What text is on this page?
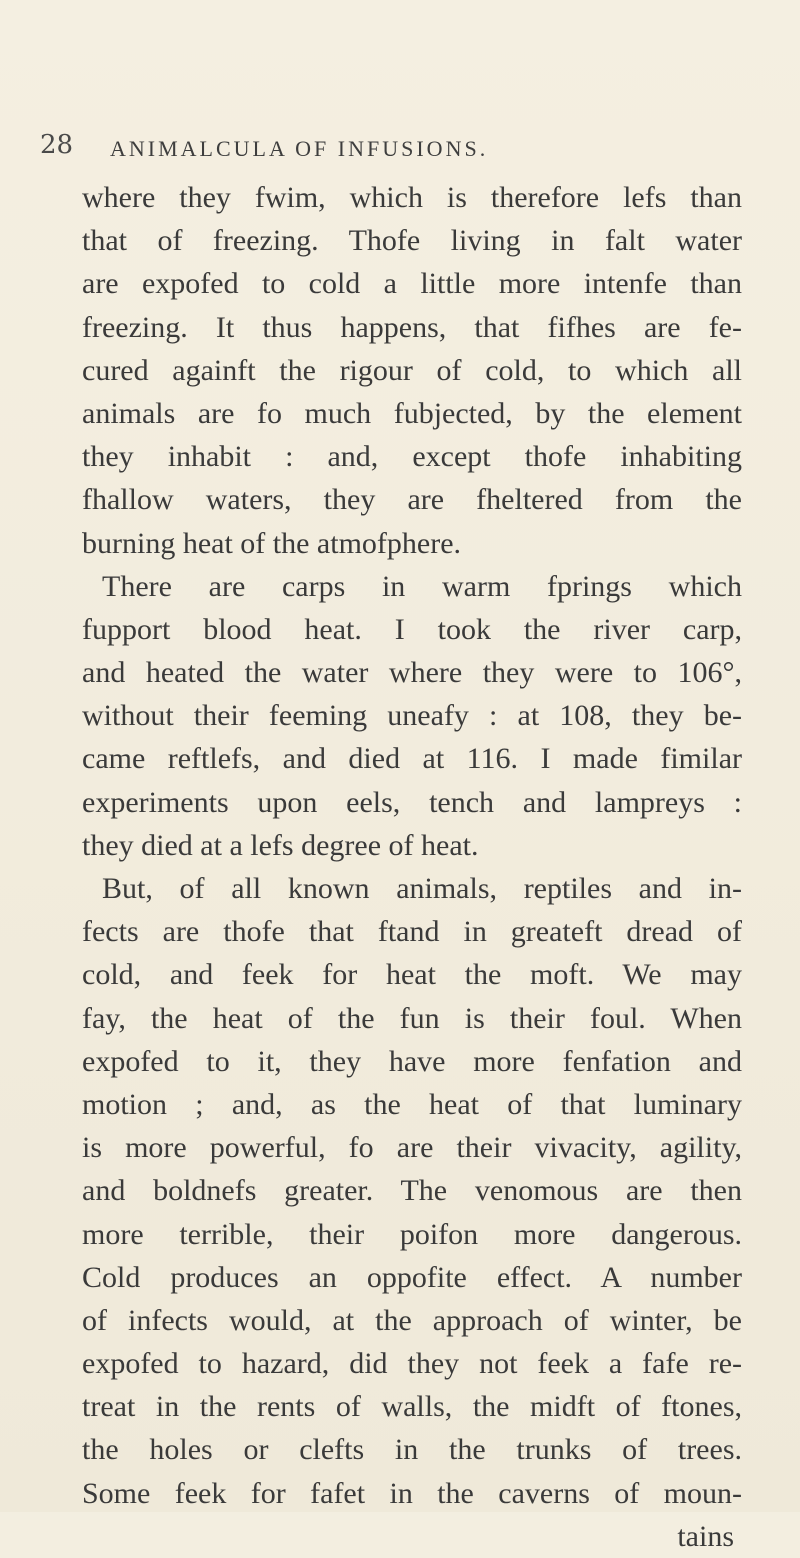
28 ANIMALCULA OF INFUSIONS.
where they fwim, which is therefore lefs than
that of freezing. Thofe living in falt water
are expofed to cold a little more intenfe than
freezing. It thus happens, that fifhes are fe-
cured againft the rigour of cold, to which all
animals are fo much fubjected, by the element
they inhabit : and, except thofe inhabiting
fhallow waters, they are fheltered from the
burning heat of the atmofphere.
There are carps in warm fprings which
fupport blood heat. I took the river carp,
and heated the water where they were to 106°,
without their feeming uneafy : at 108, they be-
came reftlefs, and died at 116. I made fimilar
experiments upon eels, tench and lampreys :
they died at a lefs degree of heat.
But, of all known animals, reptiles and in-
fects are thofe that ftand in greateft dread of
cold, and feek for heat the moft. We may
fay, the heat of the fun is their foul. When
expofed to it, they have more fenfation and
motion ; and, as the heat of that luminary
is more powerful, fo are their vivacity, agility,
and boldnefs greater. The venomous are then
more terrible, their poifon more dangerous.
Cold produces an oppofite effect. A number
of infects would, at the approach of winter, be
expofed to hazard, did they not feek a fafe re-
treat in the rents of walls, the midft of ftones,
the holes or clefts in the trunks of trees.
Some feek for fafet in the caverns of moun-
tains
